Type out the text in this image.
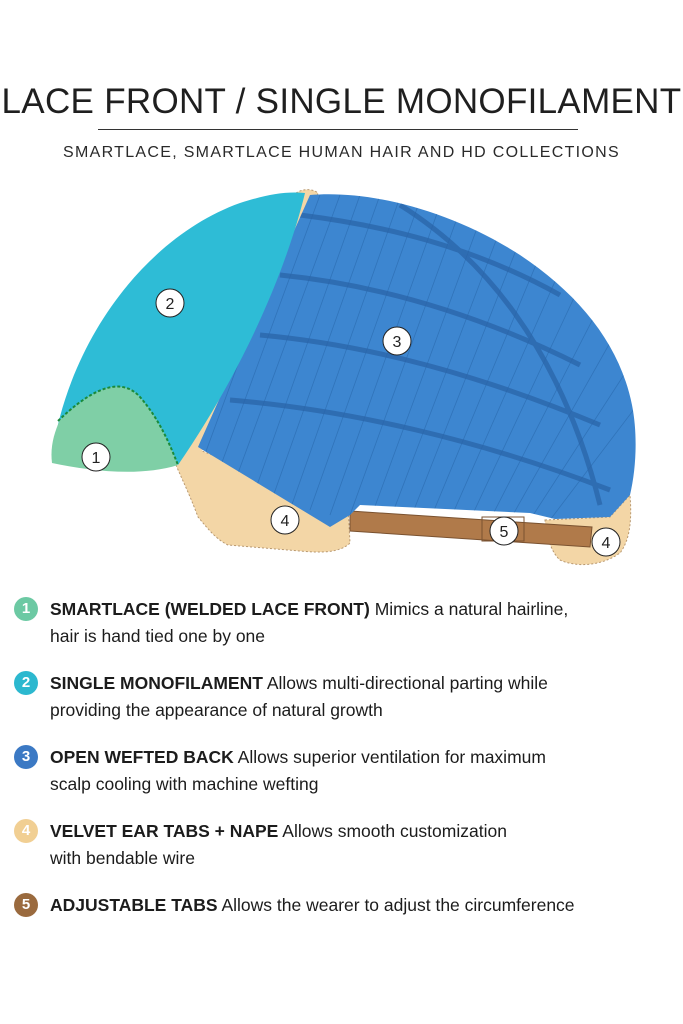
LACE FRONT / SINGLE MONOFILAMENT
SMARTLACE, SMARTLACE HUMAN HAIR AND HD COLLECTIONS
1
2
3
4
5
4
1	SMARTLACE (WELDED LACE FRONT) Mimics a natural hairline,
hair is hand tied one by one
2	SINGLE MONOFILAMENT Allows multi-directional parting while
providing the appearance of natural growth
3	OPEN WEFTED BACK Allows superior ventilation for maximum
scalp cooling with machine wefting
4	VELVET EAR TABS + NAPE Allows smooth customization
with bendable wire
5	ADJUSTABLE TABS Allows the wearer to adjust the circumference
